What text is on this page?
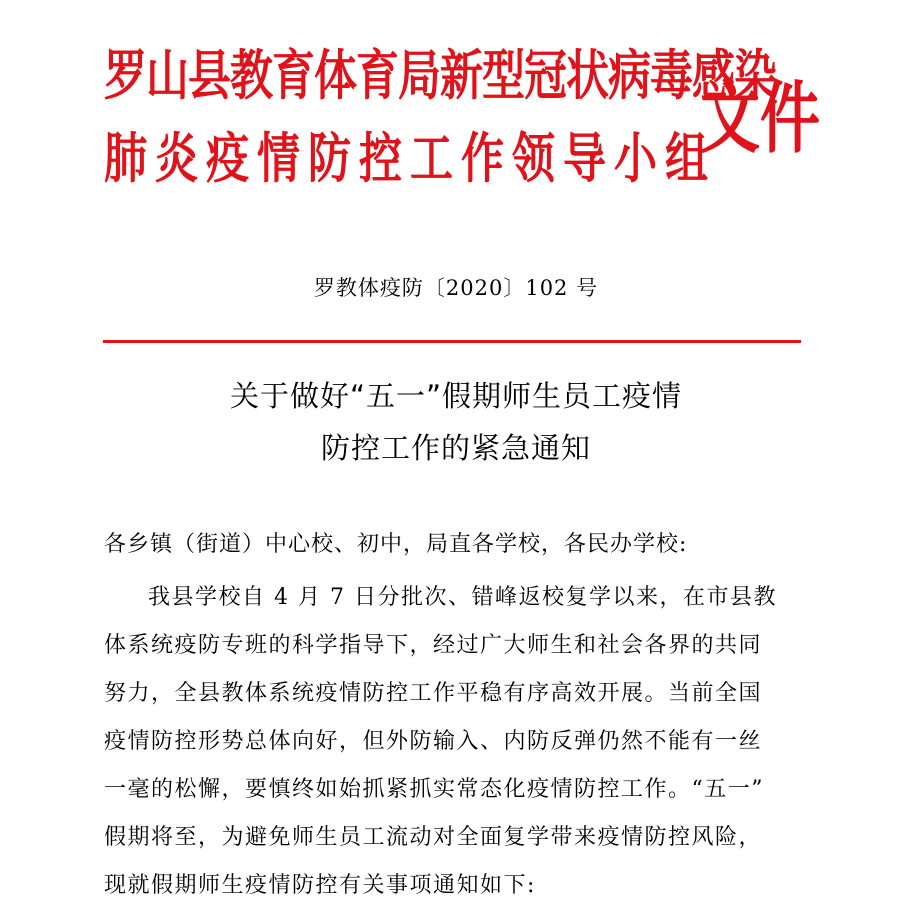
罗山县教育体育局新型冠状病毒感染

肺炎疫情防控工作领导小组

文件

罗教体疫防〔2020〕102 号

关于做好“五一”假期师生员工疫情
防控工作的紧急通知

各乡镇（街道）中心校、初中，局直各学校，各民办学校:

我县学校自 4 月 7 日分批次、错峰返校复学以来，在市县教
体系统疫防专班的科学指导下，经过广大师生和社会各界的共同
努力，全县教体系统疫情防控工作平稳有序高效开展。当前全国
疫情防控形势总体向好，但外防输入、内防反弹仍然不能有一丝
一毫的松懈，要慎终如始抓紧抓实常态化疫情防控工作。“五一”
假期将至，为避免师生员工流动对全面复学带来疫情防控风险，
现就假期师生疫情防控有关事项通知如下:
